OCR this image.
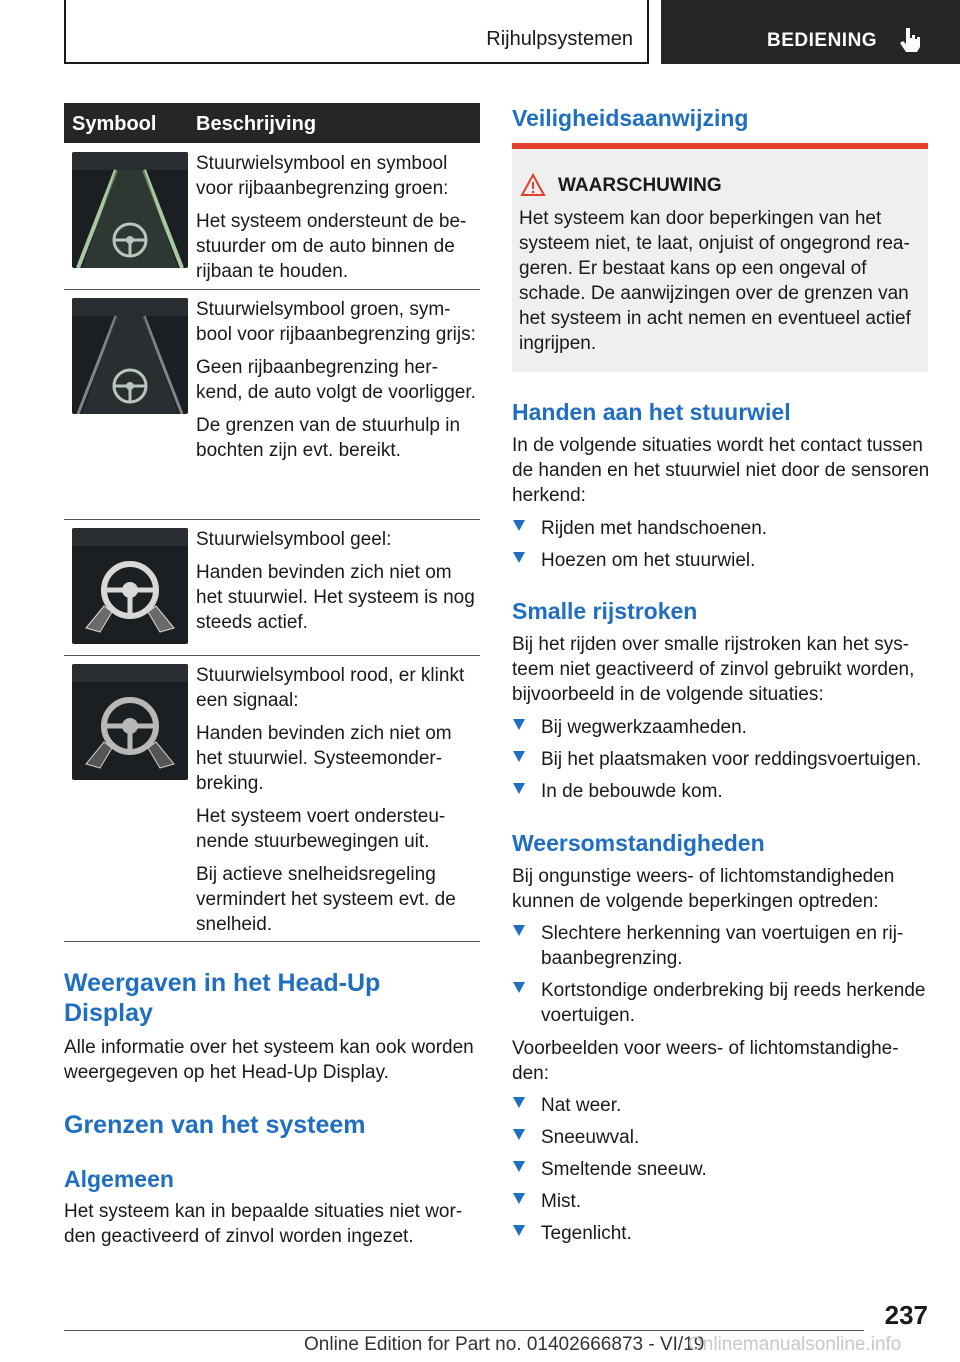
Rijhulpsystemen	BEDIENING
Symbool Beschrijving

Stuurwielsymbool en symbool voor rijbaanbegrenzing groen:

Het systeem ondersteunt de bestuurder om de auto binnen de rijbaan te houden.

Stuurwielsymbool groen, symbool voor rijbaanbegrenzing grijs:

Geen rijbaanbegrenzing herkend, de auto volgt de voorligger.

De grenzen van de stuurhulp in bochten zijn evt. bereikt.

Stuurwielsymbool geel:

Handen bevinden zich niet om het stuurwiel. Het systeem is nog steeds actief.

Stuurwielsymbool rood, er klinkt een signaal:

Handen bevinden zich niet om het stuurwiel. Systeemonderbreking.

Het systeem voert ondersteunende stuurbewegingen uit.

Bij actieve snelheidsregeling vermindert het systeem evt. de snelheid.

Weergaven in het Head-Up Display

Alle informatie over het systeem kan ook worden weergegeven op het Head-Up Display.

Grenzen van het systeem
Algemeen

Het systeem kan in bepaalde situaties niet worden geactiveerd of zinvol worden ingezet.

Veiligheidsaanwijzing
WAARSCHUWING

Het systeem kan door beperkingen van het systeem niet, te laat, onjuist of ongegrond reageren. Er bestaat kans op een ongeval of schade. De aanwijzingen over de grenzen van het systeem in acht nemen en eventueel actief ingrijpen.

Handen aan het stuurwiel

In de volgende situaties wordt het contact tussen de handen en het stuurwiel niet door de sensoren herkend:

Rijden met handschoenen.
Hoezen om het stuurwiel.
Smalle rijstroken

Bij het rijden over smalle rijstroken kan het systeem niet geactiveerd of zinvol gebruikt worden, bijvoorbeeld in de volgende situaties:

Bij wegwerkzaamheden.
Bij het plaatsmaken voor reddingsvoertuigen.
In de bebouwde kom.
Weersomstandigheden

Bij ongunstige weers- of lichtomstandigheden kunnen de volgende beperkingen optreden:

Slechtere herkenning van voertuigen en rijbaanbegrenzing.
Kortstondige onderbreking bij reeds herkende voertuigen.

Voorbeelden voor weers- of lichtomstandigheden:

Nat weer.
Sneeuwval.
Smeltende sneeuw.
Mist.
Tegenlicht.
237
Online Edition for Part no. 01402666873 - VI/19
Onlinemanualsonline.info
